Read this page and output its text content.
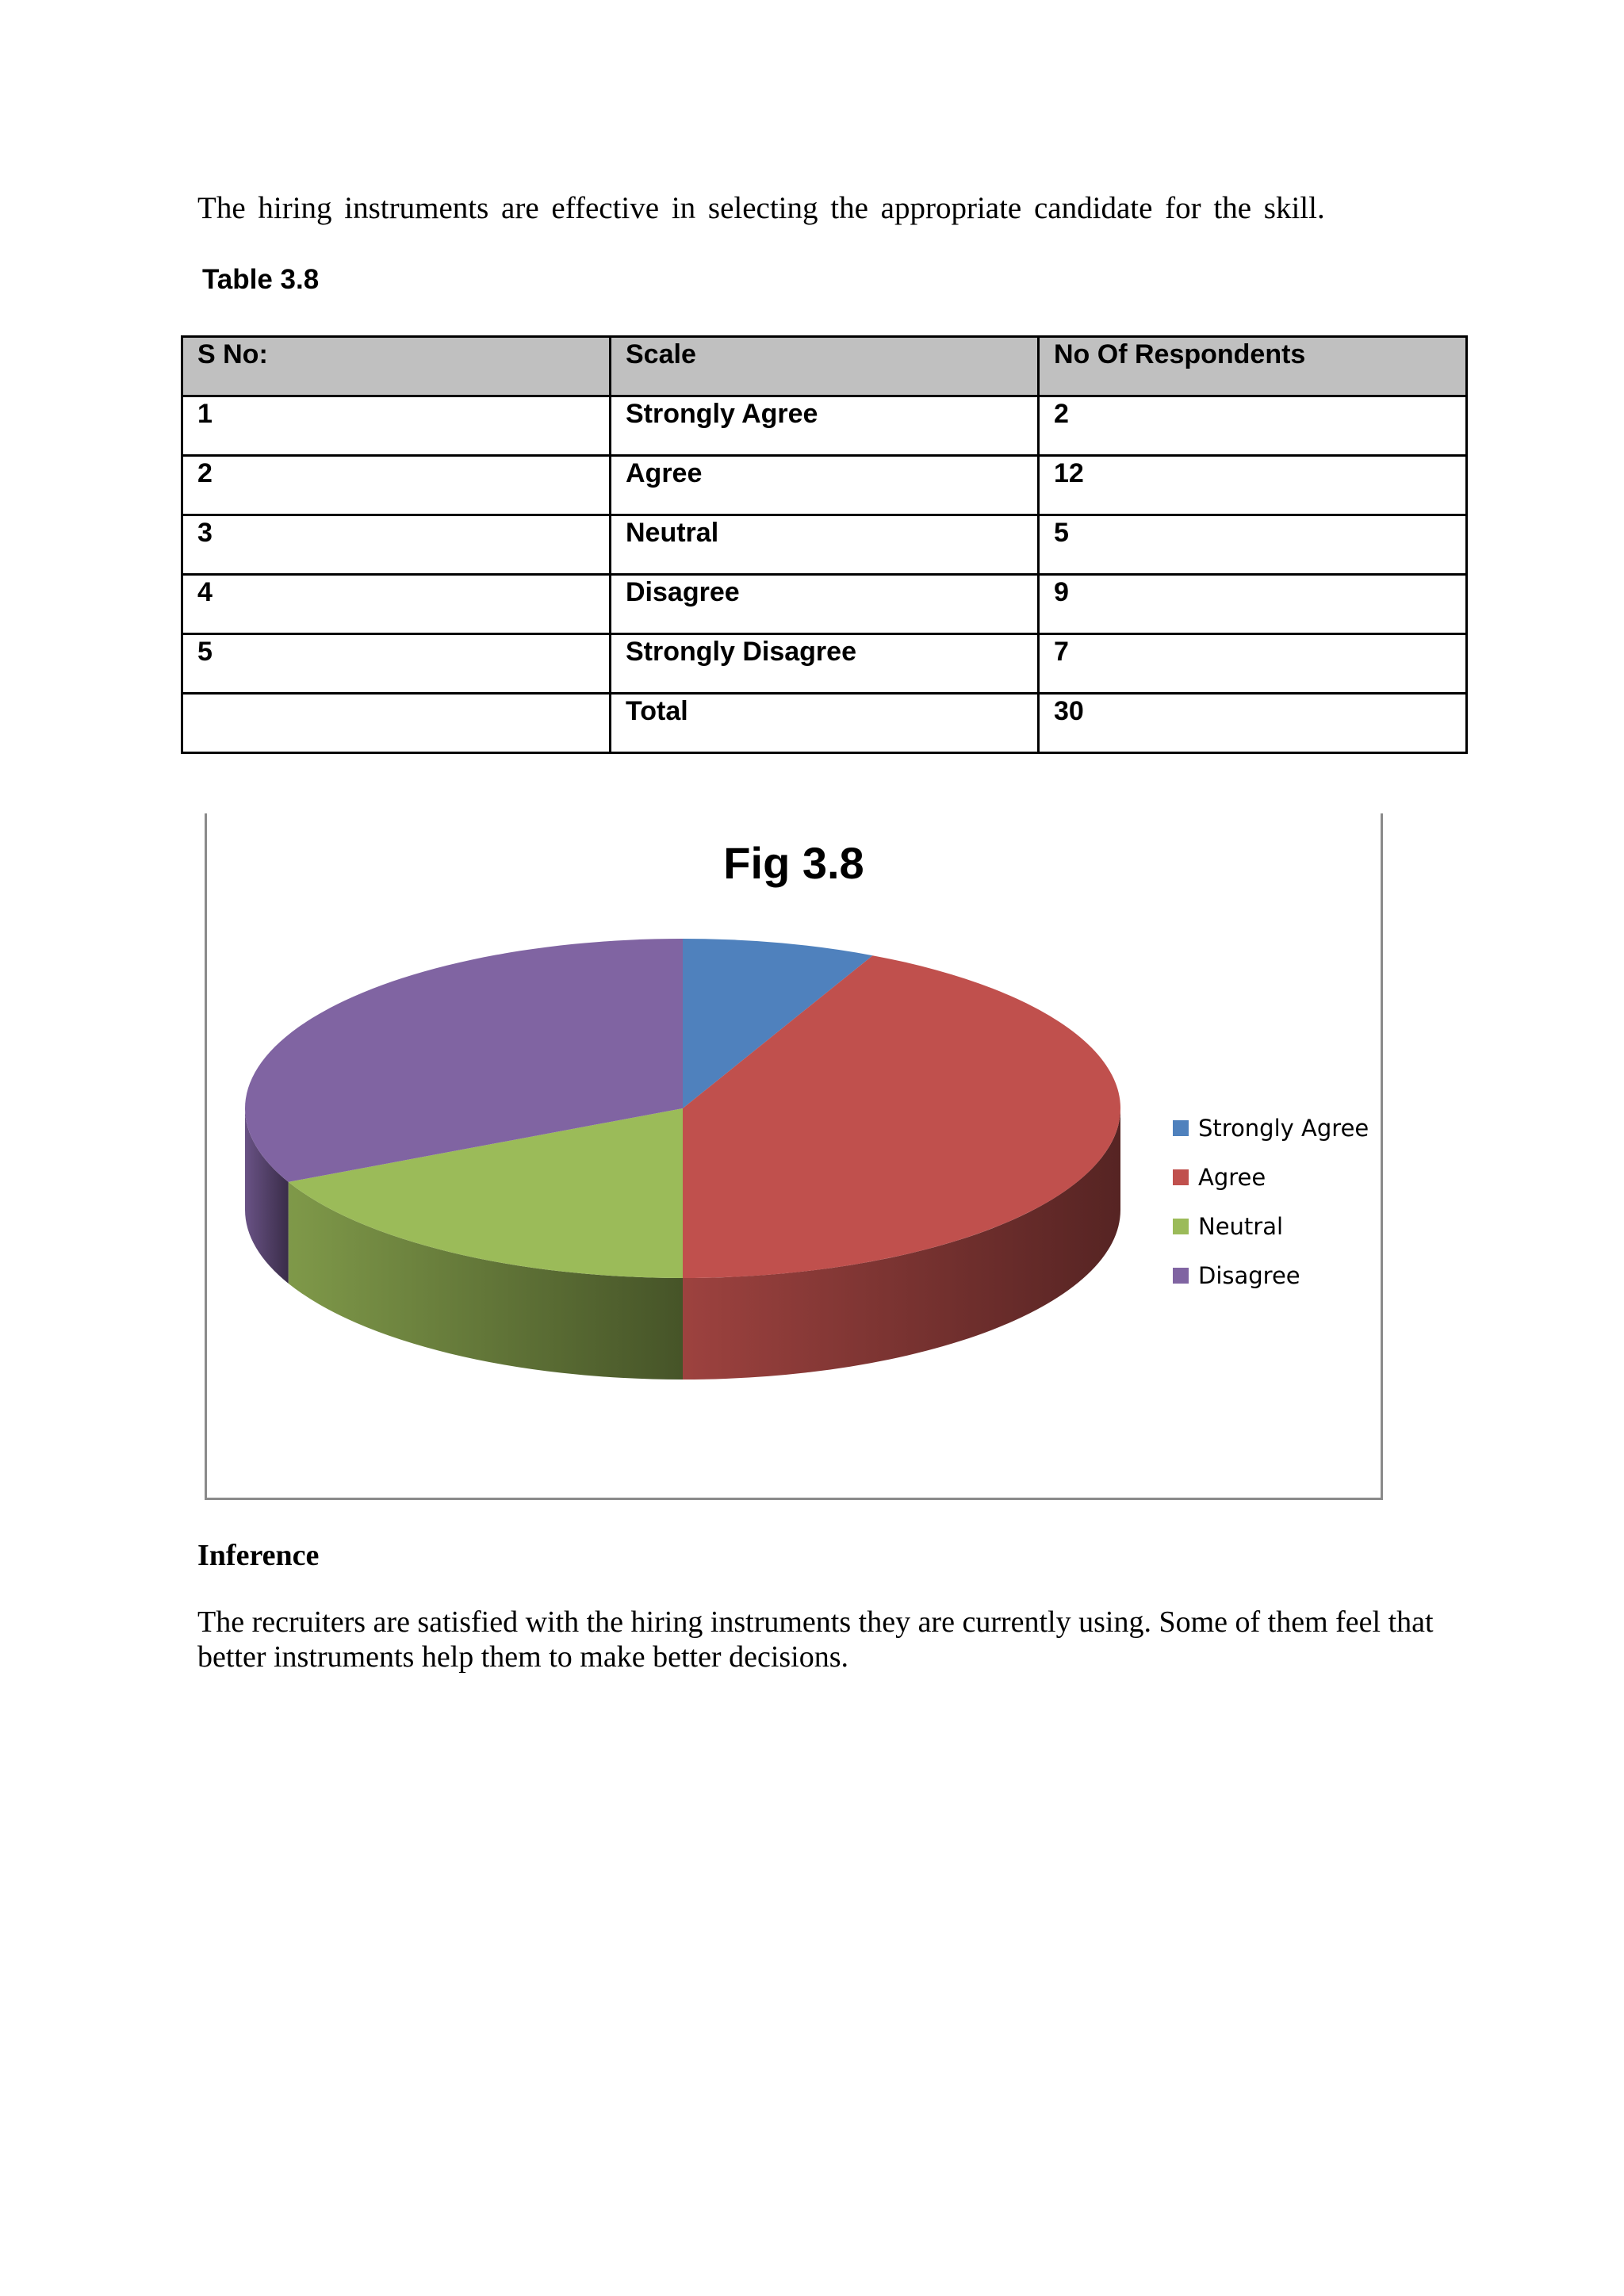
The hiring instruments are effective in selecting the appropriate candidate for the skill.

Table 3.8

S No:	Scale	No Of Respondents
1	Strongly Agree	2
2	Agree	12
3	Neutral	5
4	Disagree	9
5	Strongly Disagree	7
	Total	30

Fig 3.8

Strongly Agree
Agree
Neutral
Disagree

Inference

The recruiters are satisfied with the hiring instruments they are currently using. Some of them feel that better instruments help them to make better decisions.
